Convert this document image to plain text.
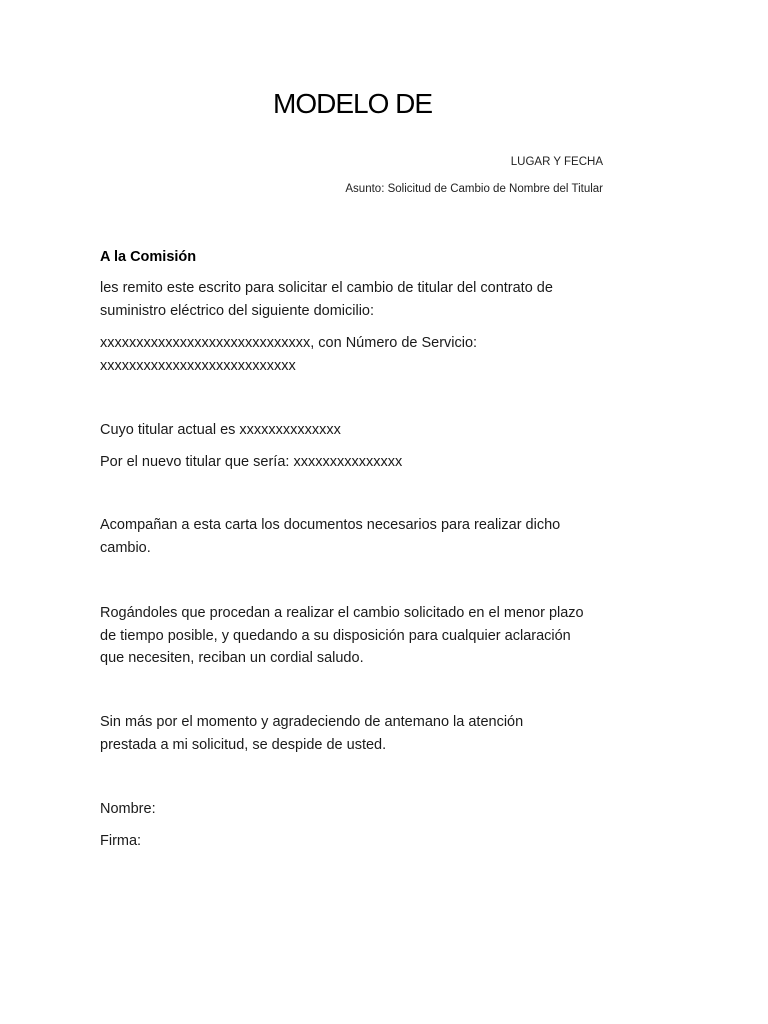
MODELO DE
LUGAR Y FECHA
Asunto: Solicitud de Cambio de Nombre del Titular
A la Comisión
les remito este escrito para solicitar el cambio de titular del contrato de
suministro eléctrico del siguiente domicilio:
xxxxxxxxxxxxxxxxxxxxxxxxxxxxx, con Número de Servicio:
xxxxxxxxxxxxxxxxxxxxxxxxxxx
Cuyo titular actual es xxxxxxxxxxxxxx
Por el nuevo titular que sería: xxxxxxxxxxxxxxx
Acompañan a esta carta los documentos necesarios para realizar dicho
cambio.
Rogándoles que procedan a realizar el cambio solicitado en el menor plazo
de tiempo posible, y quedando a su disposición para cualquier aclaración
que necesiten, reciban un cordial saludo.
Sin más por el momento y agradeciendo de antemano la atención
prestada a mi solicitud, se despide de usted.
Nombre:
Firma:
